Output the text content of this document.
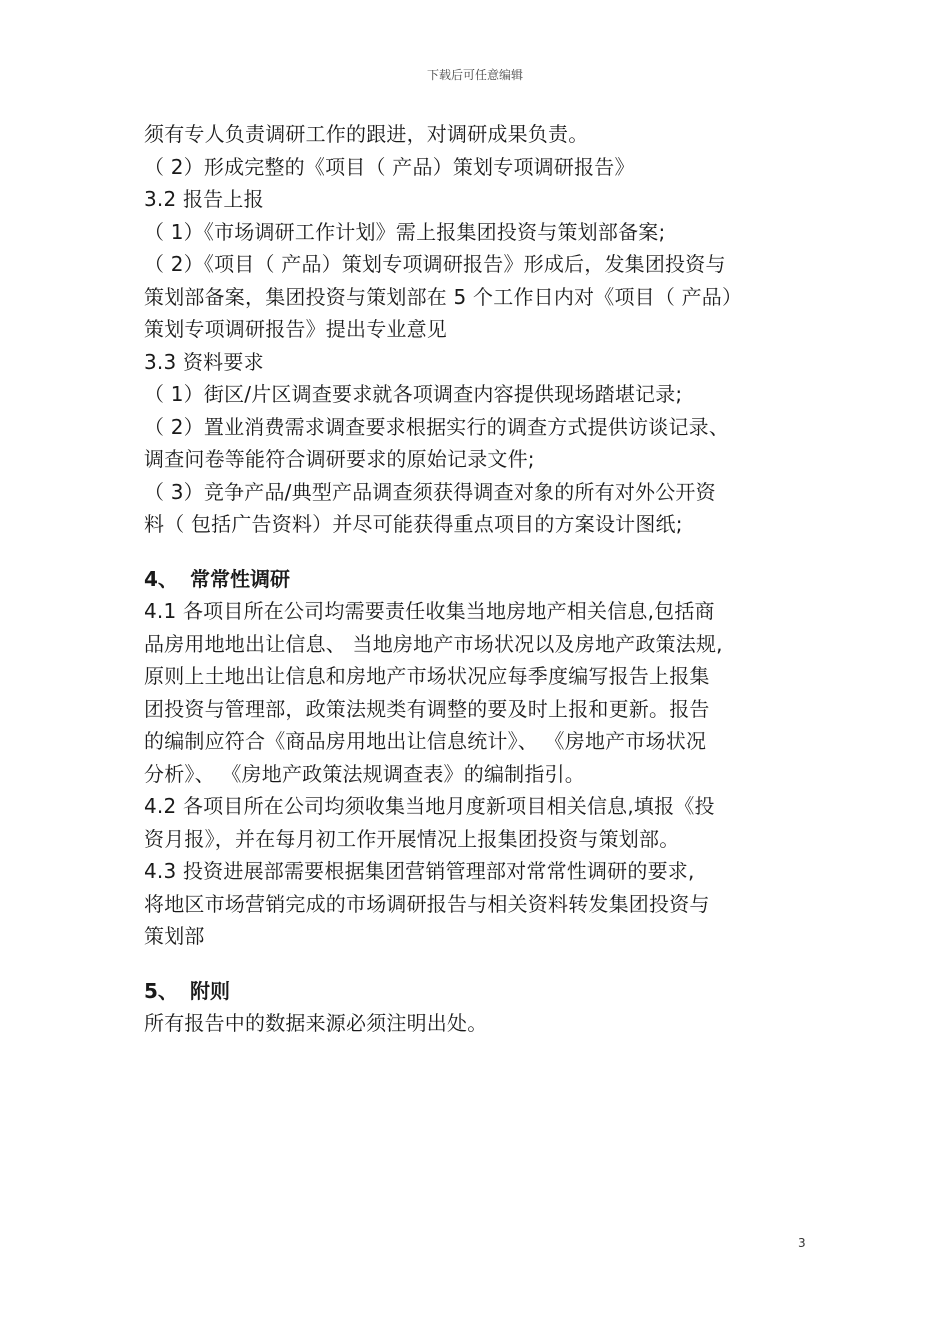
下载后可任意编辑
须有专人负责调研工作的跟进，对调研成果负责。
（ 2）形成完整的《项目（ 产品）策划专项调研报告》
3.2 报告上报
（ 1）《市场调研工作计划》需上报集团投资与策划部备案;
（ 2）《项目（ 产品）策划专项调研报告》形成后，发集团投资与
策划部备案，集团投资与策划部在 5 个工作日内对《项目（ 产品）
策划专项调研报告》提出专业意见
3.3 资料要求
（ 1）街区/片区调查要求就各项调查内容提供现场踏堪记录;
（ 2）置业消费需求调查要求根据实行的调查方式提供访谈记录、
调查问卷等能符合调研要求的原始记录文件;
（ 3）竞争产品/典型产品调查须获得调查对象的所有对外公开资
料（ 包括广告资料）并尽可能获得重点项目的方案设计图纸;
4、 常常性调研
4.1 各项目所在公司均需要责任收集当地房地产相关信息,包括商
品房用地地出让信息、 当地房地产市场状况以及房地产政策法规,
原则上土地出让信息和房地产市场状况应每季度编写报告上报集
团投资与管理部，政策法规类有调整的要及时上报和更新。报告
的编制应符合《商品房用地出让信息统计》、 《房地产市场状况
分析》、 《房地产政策法规调查表》的编制指引。
4.2 各项目所在公司均须收集当地月度新项目相关信息,填报《投
资月报》，并在每月初工作开展情况上报集团投资与策划部。
4.3 投资进展部需要根据集团营销管理部对常常性调研的要求,
将地区市场营销完成的市场调研报告与相关资料转发集团投资与
策划部
5、 附则
所有报告中的数据来源必须注明出处。
3
